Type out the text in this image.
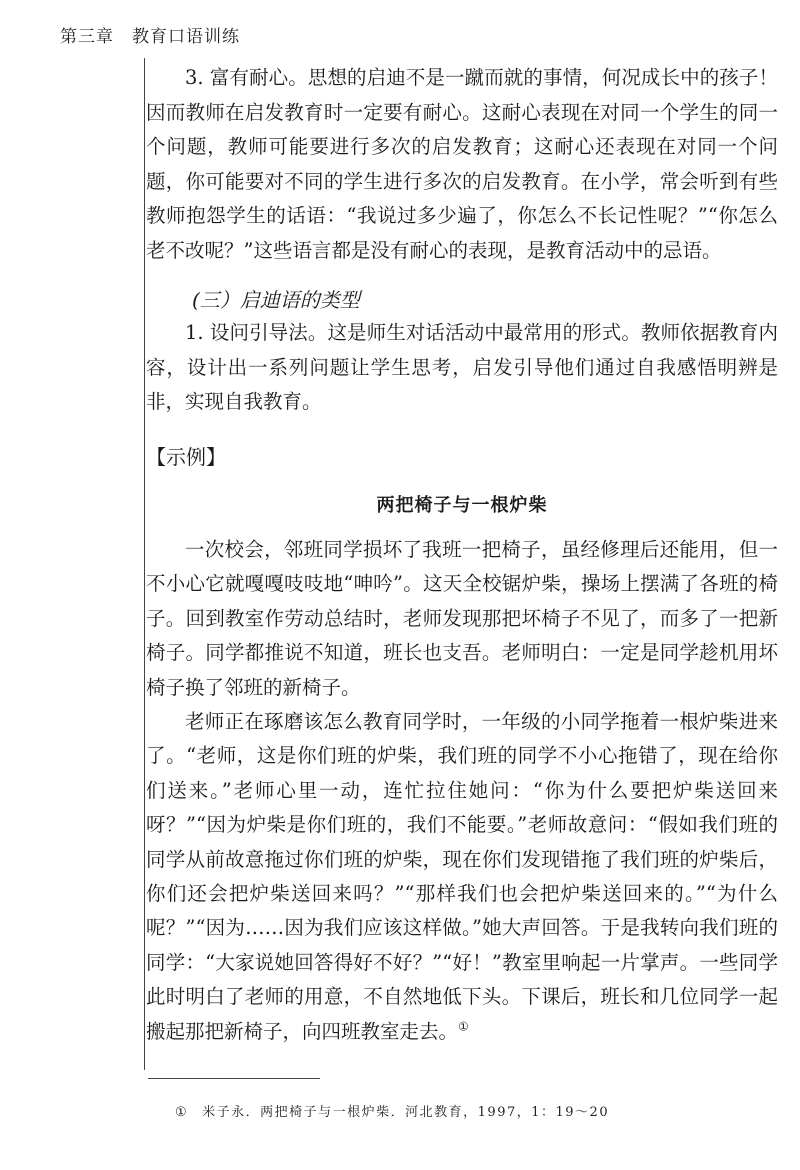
第三章 教育口语训练

3. 富有耐心。思想的启迪不是一蹴而就的事情，何况成长中的孩子！因而教师在启发教育时一定要有耐心。这耐心表现在对同一个学生的同一个问题，教师可能要进行多次的启发教育；这耐心还表现在对同一个问题，你可能要对不同的学生进行多次的启发教育。在小学，常会听到有些教师抱怨学生的话语：“我说过多少遍了，你怎么不长记性呢？”“你怎么老不改呢？”这些语言都是没有耐心的表现，是教育活动中的忌语。

(三）启迪语的类型

1. 设问引导法。这是师生对话活动中最常用的形式。教师依据教育内容，设计出一系列问题让学生思考，启发引导他们通过自我感悟明辨是非，实现自我教育。

【示例】
两把椅子与一根炉柴

一次校会，邻班同学损坏了我班一把椅子，虽经修理后还能用，但一不小心它就嘎嘎吱吱地“呻吟”。这天全校锯炉柴，操场上摆满了各班的椅子。回到教室作劳动总结时，老师发现那把坏椅子不见了，而多了一把新椅子。同学都推说不知道，班长也支吾。老师明白：一定是同学趁机用坏椅子换了邻班的新椅子。

老师正在琢磨该怎么教育同学时，一年级的小同学拖着一根炉柴进来了。“老师，这是你们班的炉柴，我们班的同学不小心拖错了，现在给你们送来。”老师心里一动，连忙拉住她问：“你为什么要把炉柴送回来呀？”“因为炉柴是你们班的，我们不能要。”老师故意问：“假如我们班的同学从前故意拖过你们班的炉柴，现在你们发现错拖了我们班的炉柴后，你们还会把炉柴送回来吗？”“那样我们也会把炉柴送回来的。”“为什么呢？”“因为……因为我们应该这样做。”她大声回答。于是我转向我们班的同学：“大家说她回答得好不好？”“好！”教室里响起一片掌声。一些同学此时明白了老师的用意，不自然地低下头。下课后，班长和几位同学一起搬起那把新椅子，向四班教室走去。①

① 米子永．两把椅子与一根炉柴．河北教育，1997，1：19～20
